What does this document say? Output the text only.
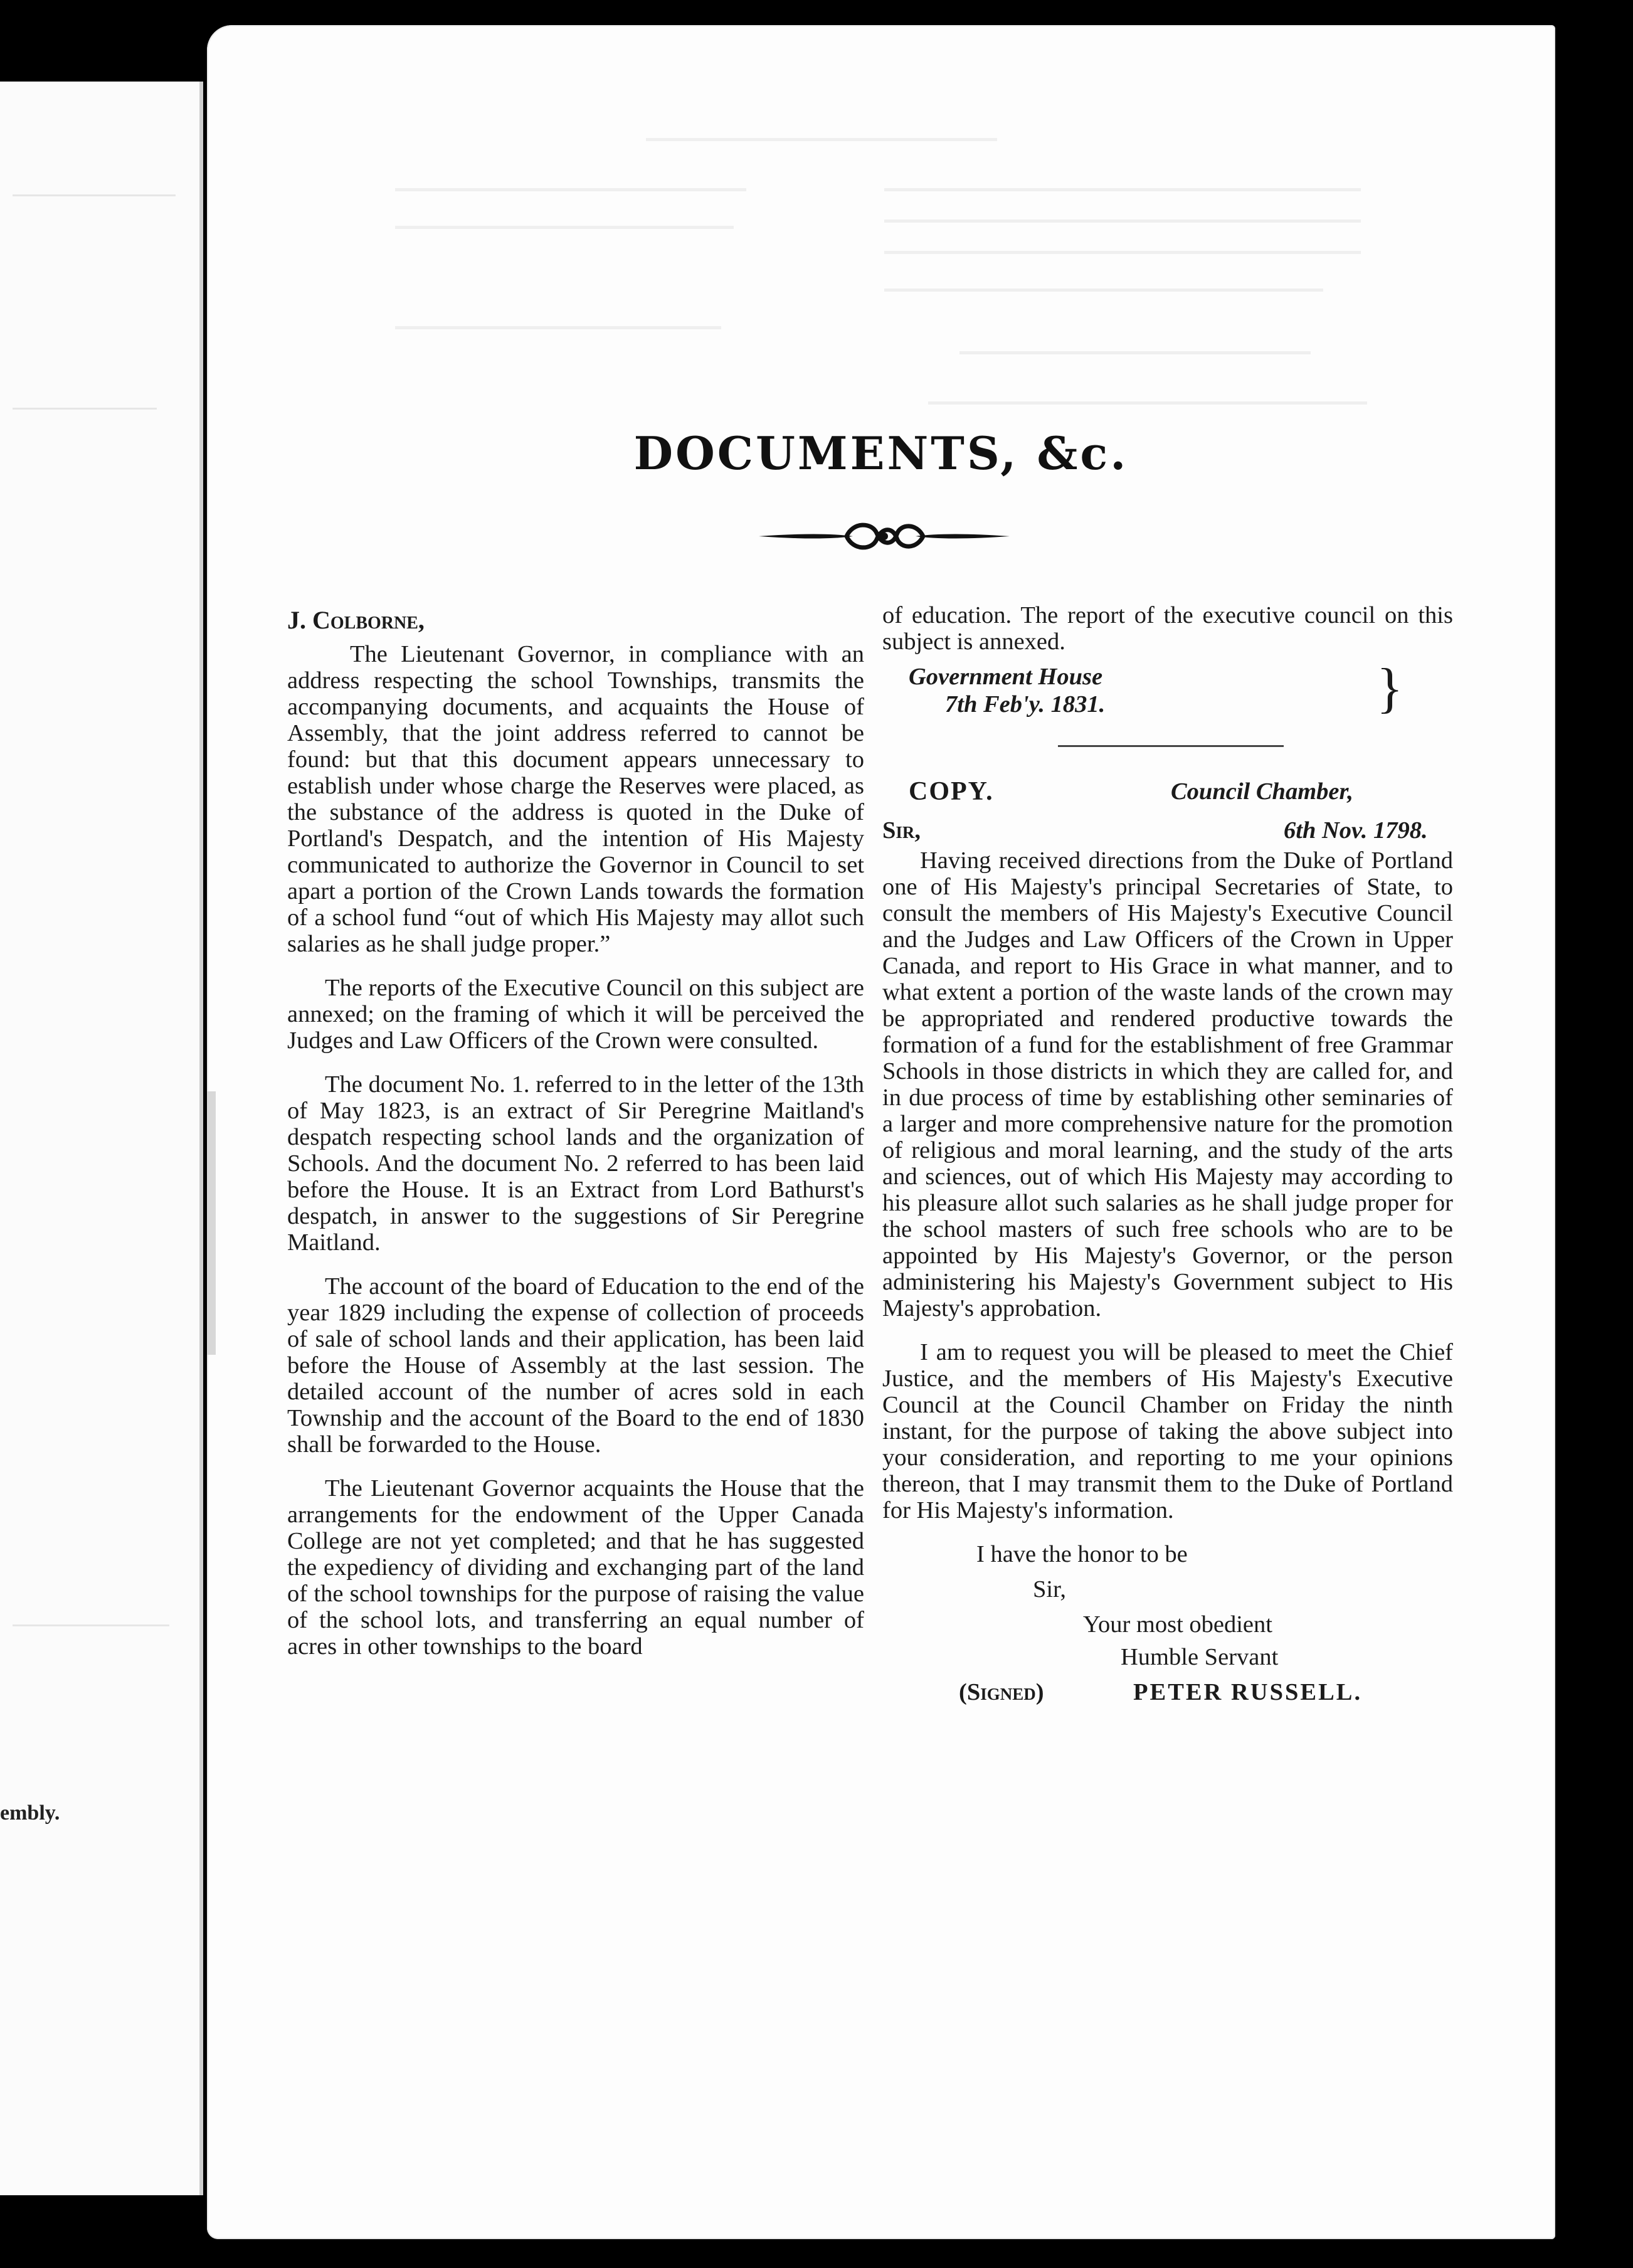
embly.
DOCUMENTS, &c.
J. Colborne,

The Lieutenant Governor, in compliance with an address respecting the school Townships, transmits the accompanying documents, and acquaints the House of Assembly, that the joint address referred to cannot be found: but that this document appears unnecessary to establish under whose charge the Reserves were placed, as the substance of the address is quoted in the Duke of Portland's Despatch, and the intention of His Majesty communicated to authorize the Governor in Council to set apart a portion of the Crown Lands towards the formation of a school fund “out of which His Majesty may allot such salaries as he shall judge proper.”

The reports of the Executive Council on this subject are annexed; on the framing of which it will be perceived the Judges and Law Officers of the Crown were consulted.

The document No. 1. referred to in the letter of the 13th of May 1823, is an extract of Sir Peregrine Maitland's despatch respecting school lands and the organization of Schools. And the document No. 2 referred to has been laid before the House. It is an Extract from Lord Bathurst's despatch, in answer to the suggestions of Sir Peregrine Maitland.

The account of the board of Education to the end of the year 1829 including the expense of collection of proceeds of sale of school lands and their application, has been laid before the House of Assembly at the last session. The detailed account of the number of acres sold in each Township and the account of the Board to the end of 1830 shall be forwarded to the House.

The Lieutenant Governor acquaints the House that the arrangements for the endowment of the Upper Canada College are not yet completed; and that he has suggested the expediency of dividing and exchanging part of the land of the school townships for the purpose of raising the value of the school lots, and transferring an equal number of acres in other townships to the board

of education. The report of the executive council on this subject is annexed.

Government House
7th Feb'y. 1831.	}
COPY.	Council Chamber,
Sir,	6th Nov. 1798.

Having received directions from the Duke of Portland one of His Majesty's principal Secretaries of State, to consult the members of His Majesty's Executive Council and the Judges and Law Officers of the Crown in Upper Canada, and report to His Grace in what manner, and to what extent a portion of the waste lands of the crown may be appropriated and rendered productive towards the formation of a fund for the establishment of free Grammar Schools in those districts in which they are called for, and in due process of time by establishing other seminaries of a larger and more comprehensive nature for the promotion of religious and moral learning, and the study of the arts and sciences, out of which His Majesty may according to his pleasure allot such salaries as he shall judge proper for the school masters of such free schools who are to be appointed by His Majesty's Governor, or the person administering his Majesty's Government subject to His Majesty's approbation.

I am to request you will be pleased to meet the Chief Justice, and the members of His Majesty's Executive Council at the Council Chamber on Friday the ninth instant, for the purpose of taking the above subject into your consideration, and reporting to me your opinions thereon, that I may transmit them to the Duke of Portland for His Majesty's information.

I have the honor to be
Sir,
Your most obedient
Humble Servant
(Signed)	PETER RUSSELL.
